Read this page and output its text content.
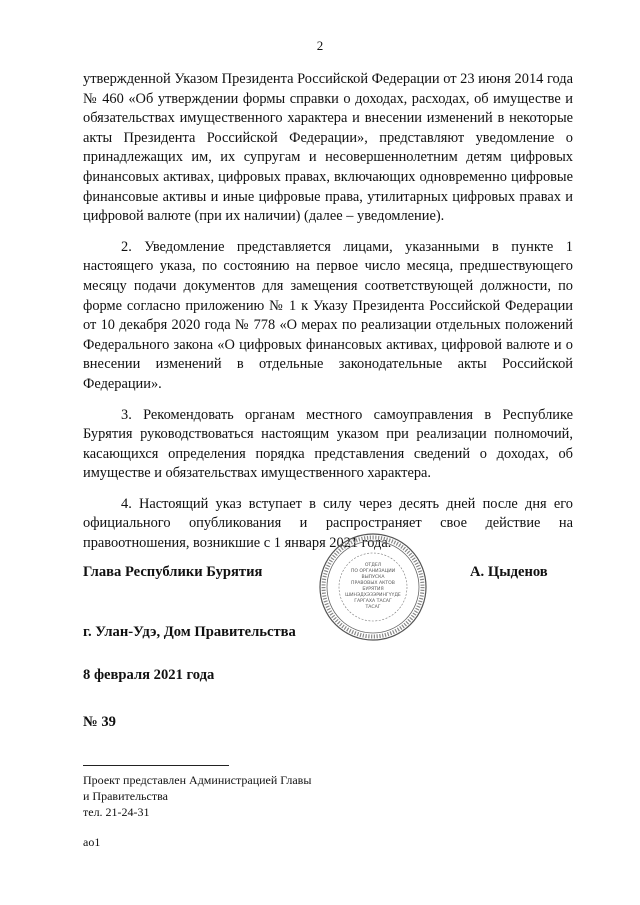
2

утвержденной Указом Президента Российской Федерации от 23 июня 2014 года № 460 «Об утверждении формы справки о доходах, расходах, об имуществе и обязательствах имущественного характера и внесении изменений в некоторые акты Президента Российской Федерации», представляют уведомление о принадлежащих им, их супругам и несовершеннолетним детям цифровых финансовых активах, цифровых правах, включающих одновременно цифровые финансовые активы и иные цифровые права, утилитарных цифровых правах и цифровой валюте (при их наличии) (далее – уведомление).

2. Уведомление представляется лицами, указанными в пункте 1 настоящего указа, по состоянию на первое число месяца, предшествующего месяцу подачи документов для замещения соответствующей должности, по форме согласно приложению № 1 к Указу Президента Российской Федерации от 10 декабря 2020 года № 778 «О мерах по реализации отдельных положений Федерального закона «О цифровых финансовых активах, цифровой валюте и о внесении изменений в отдельные законодательные акты Российской Федерации».

3. Рекомендовать органам местного самоуправления в Республике Бурятия руководствоваться настоящим указом при реализации полномочий, касающихся определения порядка представления сведений о доходах, об имуществе и обязательствах имущественного характера.

4. Настоящий указ вступает в силу через десять дней после дня его официального опубликования и распространяет свое действие на правоотношения, возникшие с 1 января 2021 года.

Глава Республики Бурятия	А. Цыденов
ОТДЕЛ
ПО ОРГАНИЗАЦИИ
ВЫПУСКА
ПРАВОВЫХ АКТОВ
БУРЯТИЯ
ШИНЭДХЭЗЭРИНГҮҮДЕ
ГАРГАХА ТАСАГ
ТАСАГ
г. Улан-Удэ, Дом Правительства
8 февраля 2021 года
№ 39
Проект представлен Администрацией Главы
и Правительства
тел. 21-24-31
ao1
